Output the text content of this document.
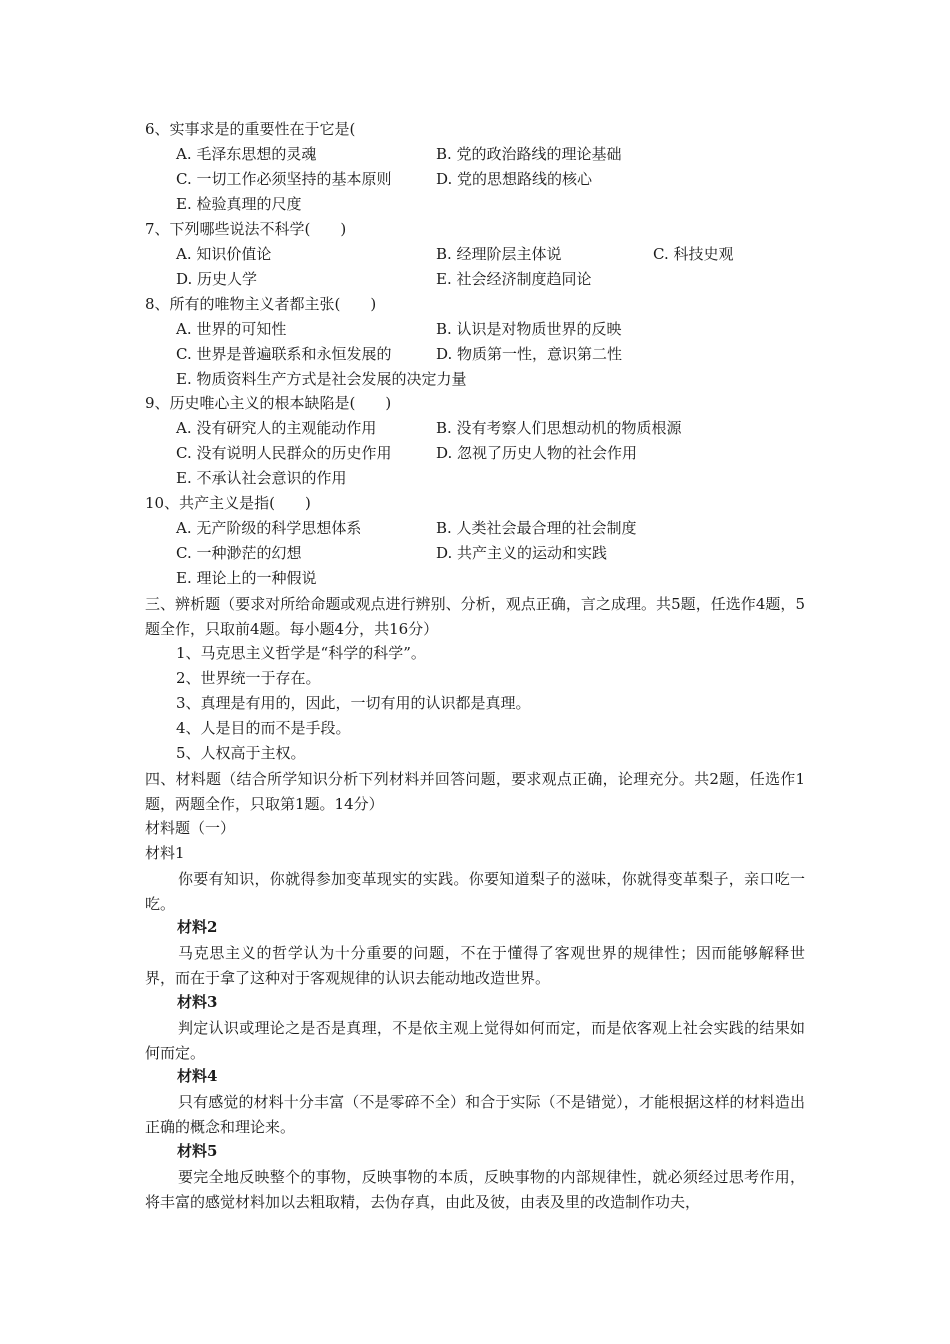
6、实事求是的重要性在于它是(
A. 毛泽东思想的灵魂	B. 党的政治路线的理论基础
C. 一切工作必须坚持的基本原则	D. 党的思想路线的核心
E. 检验真理的尺度
7、下列哪些说法不科学(　　)
A. 知识价值论	B. 经理阶层主体说	C. 科技史观
D. 历史人学	E. 社会经济制度趋同论
8、所有的唯物主义者都主张(　　)
A. 世界的可知性	B. 认识是对物质世界的反映
C. 世界是普遍联系和永恒发展的	D. 物质第一性，意识第二性
E. 物质资料生产方式是社会发展的决定力量
9、历史唯心主义的根本缺陷是(　　)
A. 没有研究人的主观能动作用	B. 没有考察人们思想动机的物质根源
C. 没有说明人民群众的历史作用	D. 忽视了历史人物的社会作用
E. 不承认社会意识的作用
10、共产主义是指(　　)
A. 无产阶级的科学思想体系	B. 人类社会最合理的社会制度
C. 一种渺茫的幻想	D. 共产主义的运动和实践
E. 理论上的一种假说
三、辨析题（要求对所给命题或观点进行辨别、分析，观点正确，言之成理。共5题，任选作4题，5题全作，只取前4题。每小题4分，共16分）
1、马克思主义哲学是“科学的科学”。
2、世界统一于存在。
3、真理是有用的，因此，一切有用的认识都是真理。
4、人是目的而不是手段。
5、人权高于主权。
四、材料题（结合所学知识分析下列材料并回答问题，要求观点正确，论理充分。共2题，任选作1题，两题全作，只取第1题。14分）
材料题（一）
材料1
你要有知识，你就得参加变革现实的实践。你要知道梨子的滋味，你就得变革梨子，亲口吃一吃。
材料2
马克思主义的哲学认为十分重要的问题，不在于懂得了客观世界的规律性；因而能够解释世界，而在于拿了这种对于客观规律的认识去能动地改造世界。
材料3
判定认识或理论之是否是真理，不是依主观上觉得如何而定，而是依客观上社会实践的结果如何而定。
材料4
只有感觉的材料十分丰富（不是零碎不全）和合于实际（不是错觉），才能根据这样的材料造出正确的概念和理论来。
材料5
要完全地反映整个的事物，反映事物的本质，反映事物的内部规律性，就必须经过思考作用，将丰富的感觉材料加以去粗取精，去伪存真，由此及彼，由表及里的改造制作功夫，
